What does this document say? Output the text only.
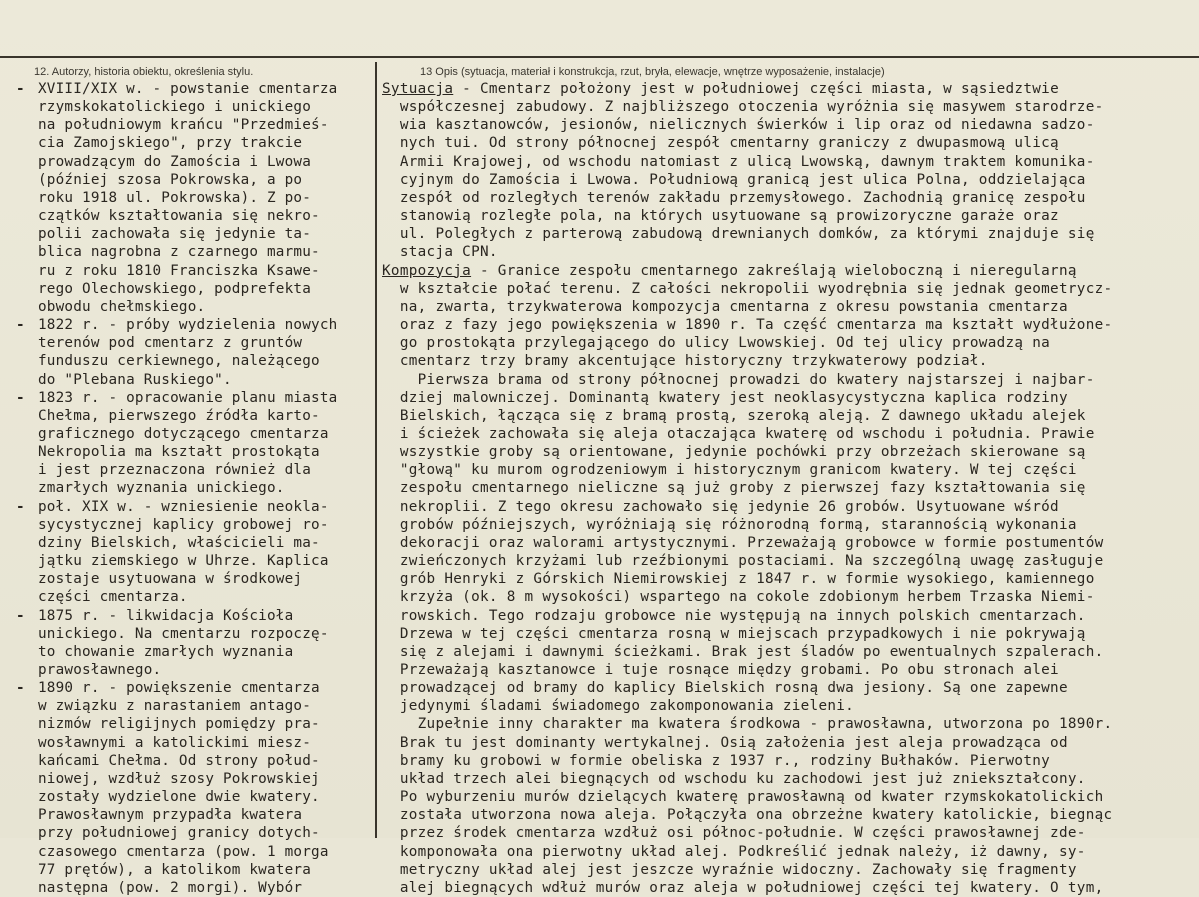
12. Autorzy, historia obiektu, określenia stylu.	13 Opis (sytuacja, materiał i konstrukcja, rzut, bryła, elewacje, wnętrze wyposażenie, instalacje)
- XVIII/XIX w. - powstanie cmentarza
rzymskokatolickiego i unickiego
na południowym krańcu "Przedmieś-
cia Zamojskiego", przy trakcie
prowadzącym do Zamościa i Lwowa
(później szosa Pokrowska, a po
roku 1918 ul. Pokrowska). Z po-
czątków kształtowania się nekro-
polii zachowała się jedynie ta-
blica nagrobna z czarnego marmu-
ru z roku 1810 Franciszka Ksawe-
rego Olechowskiego, podprefekta
obwodu chełmskiego.
- 1822 r. - próby wydzielenia nowych
terenów pod cmentarz z gruntów
funduszu cerkiewnego, należącego
do "Plebana Ruskiego".
- 1823 r. - opracowanie planu miasta
Chełma, pierwszego źródła karto-
graficznego dotyczącego cmentarza
Nekropolia ma kształt prostokąta
i jest przeznaczona również dla
zmarłych wyznania unickiego.
- poł. XIX w. - wzniesienie neokla-
sycystycznej kaplicy grobowej ro-
dziny Bielskich, właścicieli ma-
jątku ziemskiego w Uhrze. Kaplica
zostaje usytuowana w środkowej
części cmentarza.
- 1875 r. - likwidacja Kościoła
unickiego. Na cmentarzu rozpoczę-
to chowanie zmarłych wyznania
prawosławnego.
- 1890 r. - powiększenie cmentarza
w związku z narastaniem antago-
nizmów religijnych pomiędzy pra-
wosławnymi a katolickimi miesz-
kańcami Chełma. Od strony połud-
niowej, wzdłuż szosy Pokrowskiej
zostały wydzielone dwie kwatery.
Prawosławnym przypadła kwatera
przy południowej granicy dotych-
czasowego cmentarza (pow. 1 morga
77 prętów), a katolikom kwatera
następna (pow. 2 morgi). Wybór
Sytuacja - Cmentarz położony jest w południowej części miasta, w sąsiedztwie
współczesnej zabudowy. Z najbliższego otoczenia wyróżnia się masywem starodrze-
wia kasztanowców, jesionów, nielicznych świerków i lip oraz od niedawna sadzo-
nych tui. Od strony północnej zespół cmentarny graniczy z dwupasmową ulicą
Armii Krajowej, od wschodu natomiast z ulicą Lwowską, dawnym traktem komunika-
cyjnym do Zamościa i Lwowa. Południową granicą jest ulica Polna, oddzielająca
zespół od rozległych terenów zakładu przemysłowego. Zachodnią granicę zespołu
stanowią rozległe pola, na których usytuowane są prowizoryczne garaże oraz
ul. Poległych z parterową zabudową drewnianych domków, za którymi znajduje się
stacja CPN.
Kompozycja - Granice zespołu cmentarnego zakreślają wieloboczną i nieregularną
w kształcie połać terenu. Z całości nekropolii wyodrębnia się jednak geometrycz-
na, zwarta, trzykwaterowa kompozycja cmentarna z okresu powstania cmentarza
oraz z fazy jego powiększenia w 1890 r. Ta część cmentarza ma kształt wydłużone-
go prostokąta przylegającego do ulicy Lwowskiej. Od tej ulicy prowadzą na
cmentarz trzy bramy akcentujące historyczny trzykwaterowy podział.
Pierwsza brama od strony północnej prowadzi do kwatery najstarszej i najbar-
dziej malowniczej. Dominantą kwatery jest neoklasycystyczna kaplica rodziny
Bielskich, łącząca się z bramą prostą, szeroką aleją. Z dawnego układu alejek
i ścieżek zachowała się aleja otaczająca kwaterę od wschodu i południa. Prawie
wszystkie groby są orientowane, jedynie pochówki przy obrzeżach skierowane są
"głową" ku murom ogrodzeniowym i historycznym granicom kwatery. W tej części
zespołu cmentarnego nieliczne są już groby z pierwszej fazy kształtowania się
nekroplii. Z tego okresu zachowało się jedynie 26 grobów. Usytuowane wśród
grobów późniejszych, wyróżniają się różnorodną formą, starannością wykonania
dekoracji oraz walorami artystycznymi. Przeważają grobowce w formie postumentów
zwieńczonych krzyżami lub rzeźbionymi postaciami. Na szczególną uwagę zasługuje
grób Henryki z Górskich Niemirowskiej z 1847 r. w formie wysokiego, kamiennego
krzyża (ok. 8 m wysokości) wspartego na cokole zdobionym herbem Trzaska Niemi-
rowskich. Tego rodzaju grobowce nie występują na innych polskich cmentarzach.
Drzewa w tej części cmentarza rosną w miejscach przypadkowych i nie pokrywają
się z alejami i dawnymi ścieżkami. Brak jest śladów po ewentualnych szpalerach.
Przeważają kasztanowce i tuje rosnące między grobami. Po obu stronach alei
prowadzącej od bramy do kaplicy Bielskich rosną dwa jesiony. Są one zapewne
jedynymi śladami świadomego zakomponowania zieleni.
Zupełnie inny charakter ma kwatera środkowa - prawosławna, utworzona po 1890r.
Brak tu jest dominanty wertykalnej. Osią założenia jest aleja prowadząca od
bramy ku grobowi w formie obeliska z 1937 r., rodziny Bułhaków. Pierwotny
układ trzech alei biegnących od wschodu ku zachodowi jest już zniekształcony.
Po wyburzeniu murów dzielących kwaterę prawosławną od kwater rzymskokatolickich
została utworzona nowa aleja. Połączyła ona obrzeżne kwatery katolickie, biegnąc
przez środek cmentarza wzdłuż osi północ-południe. W części prawosławnej zde-
komponowała ona pierwotny układ alej. Podkreślić jednak należy, iż dawny, sy-
metryczny układ alej jest jeszcze wyraźnie widoczny. Zachowały się fragmenty
alej biegnących wdłuż murów oraz aleja w południowej części tej kwatery. O tym,
